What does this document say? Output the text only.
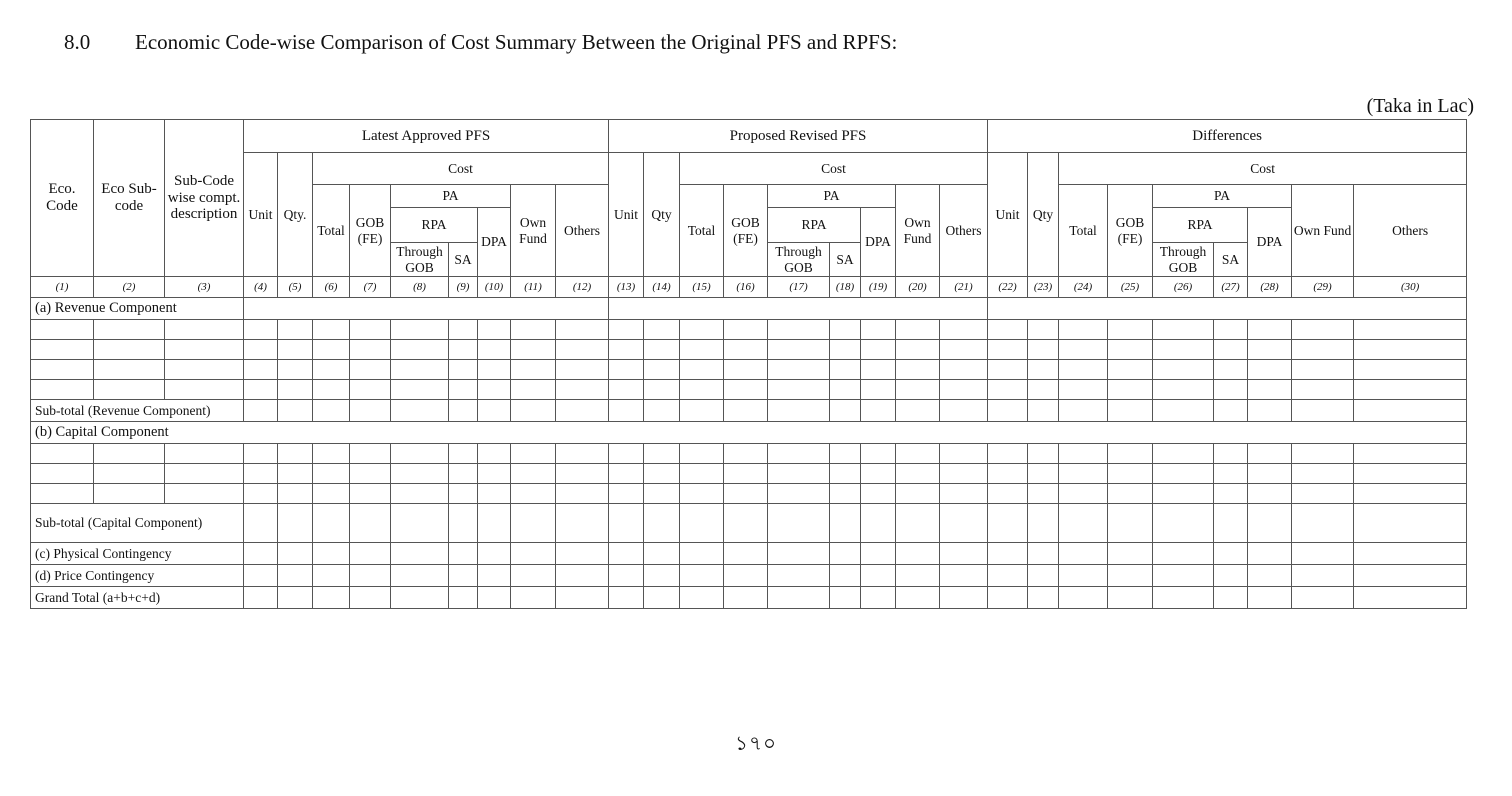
8.0 Economic Code-wise Comparison of Cost Summary Between the Original PFS and RPFS:
(Taka in Lac)
Eco. Code	Eco Sub-code	Sub-Code wise compt. description	Latest Approved PFS									Proposed Revised PFS									Differences								
			Unit	Qty.	Cost							Unit	Qty	Cost							Unit	Qty	Cost						
					Total	GOB (FE)	PA			Own Fund	Others			Total	GOB (FE)	PA			Own Fund	Others			Total	GOB (FE)	PA			Own Fund	Others
							RPA		DPA							RPA		DPA							RPA		DPA		
							Through GOB	SA								Through GOB	SA								Through GOB	SA			
(1)	(2)	(3)	(4)	(5)	(6)	(7)	(8)	(9)	(10)	(11)	(12)	(13)	(14)	(15)	(16)	(17)	(18)	(19)	(20)	(21)	(22)	(23)	(24)	(25)	(26)	(27)	(28)	(29)	(30)
(a) Revenue Component																													

Sub-total (Revenue Component)																													
(b) Capital Component																													

Sub-total (Capital Component)																													
(c) Physical Contingency																													
(d) Price Contingency																													
Grand Total (a+b+c+d)																													
১৭০
